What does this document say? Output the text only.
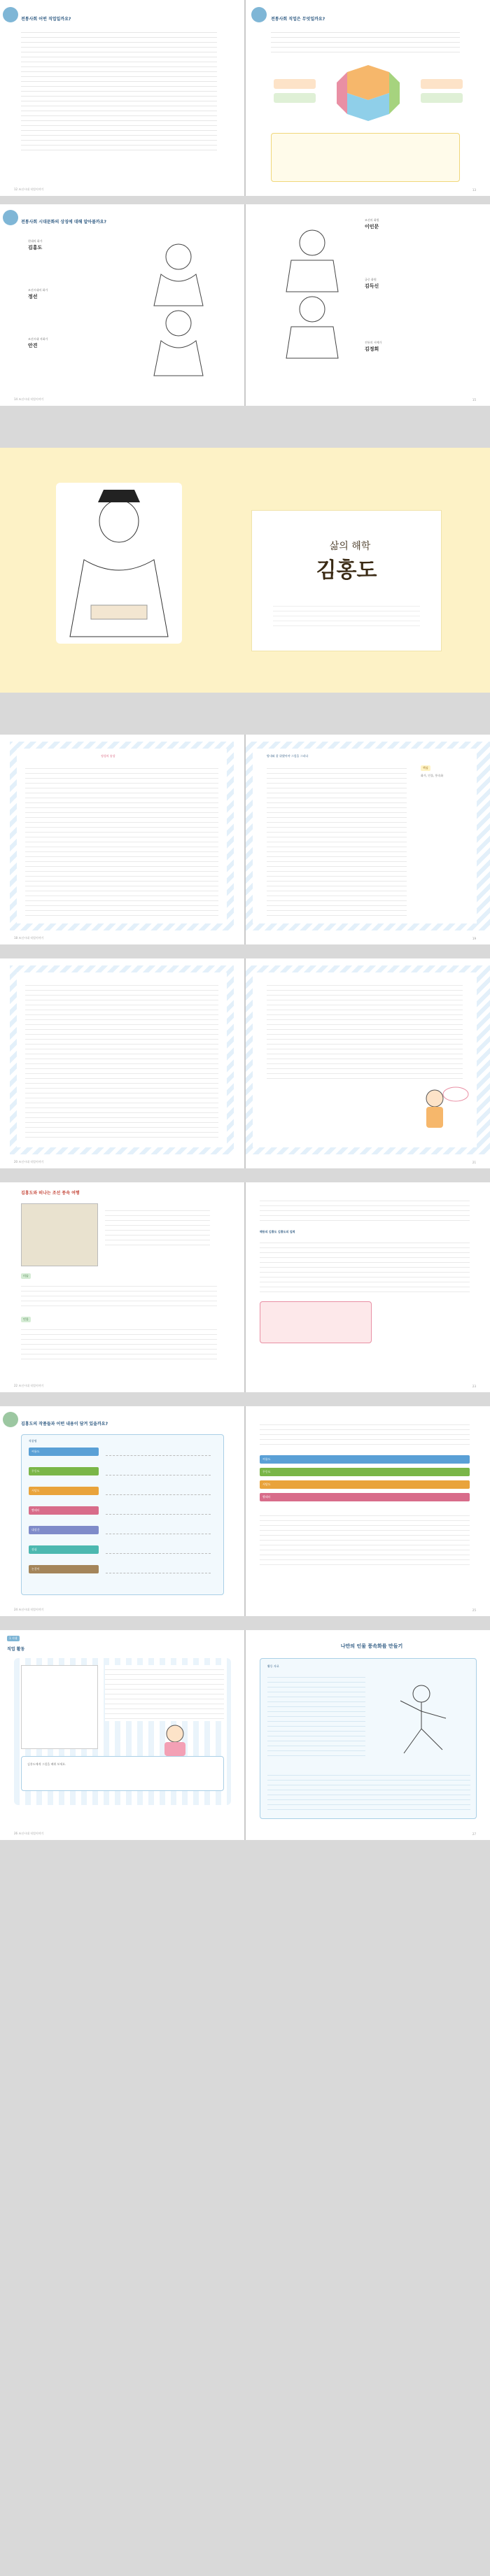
전통사회 어떤 직업일까요?
12 조선시대 직업이야기
전통사회 직업은 무엇일까요?
13
전통사회 시대문화의 상징에 대해 알아볼까요?
현대의 화가
김홍도
조선시대의 화가
정선
조선시대 서화가
안견
14 조선시대 직업이야기
조선의 화원
이인문
궁중 화원
김득신
전통의 서예가
김정희
15
삶의 해학
김홍도
정성의 송상
18 조선시대 직업이야기
방내와 잘 위했어야 그림을 그리다
핵심
화가, 인물, 풍속화
19
20 조선시대 직업이야기	21
김홍도와 떠나는 조선 풍속 여행
미술
인물
22 조선시대 직업이야기
해동의 김홍도 김홍도의 업적
23
김홍도의 작품들과 어떤 내용이 담겨 있을까요?
작품명
씨름도
무동도
서당도
빨래터
대장간
점심
논갈이
24 조선시대 직업이야기
씨름도
무동도
서당도
빨래터
25
1 시대
직업 활동
김홍도에게 그림을 배워 보세요.
26 조선시대 직업이야기
나만의 인물 풍속화를 만들기
활동 자료
27
